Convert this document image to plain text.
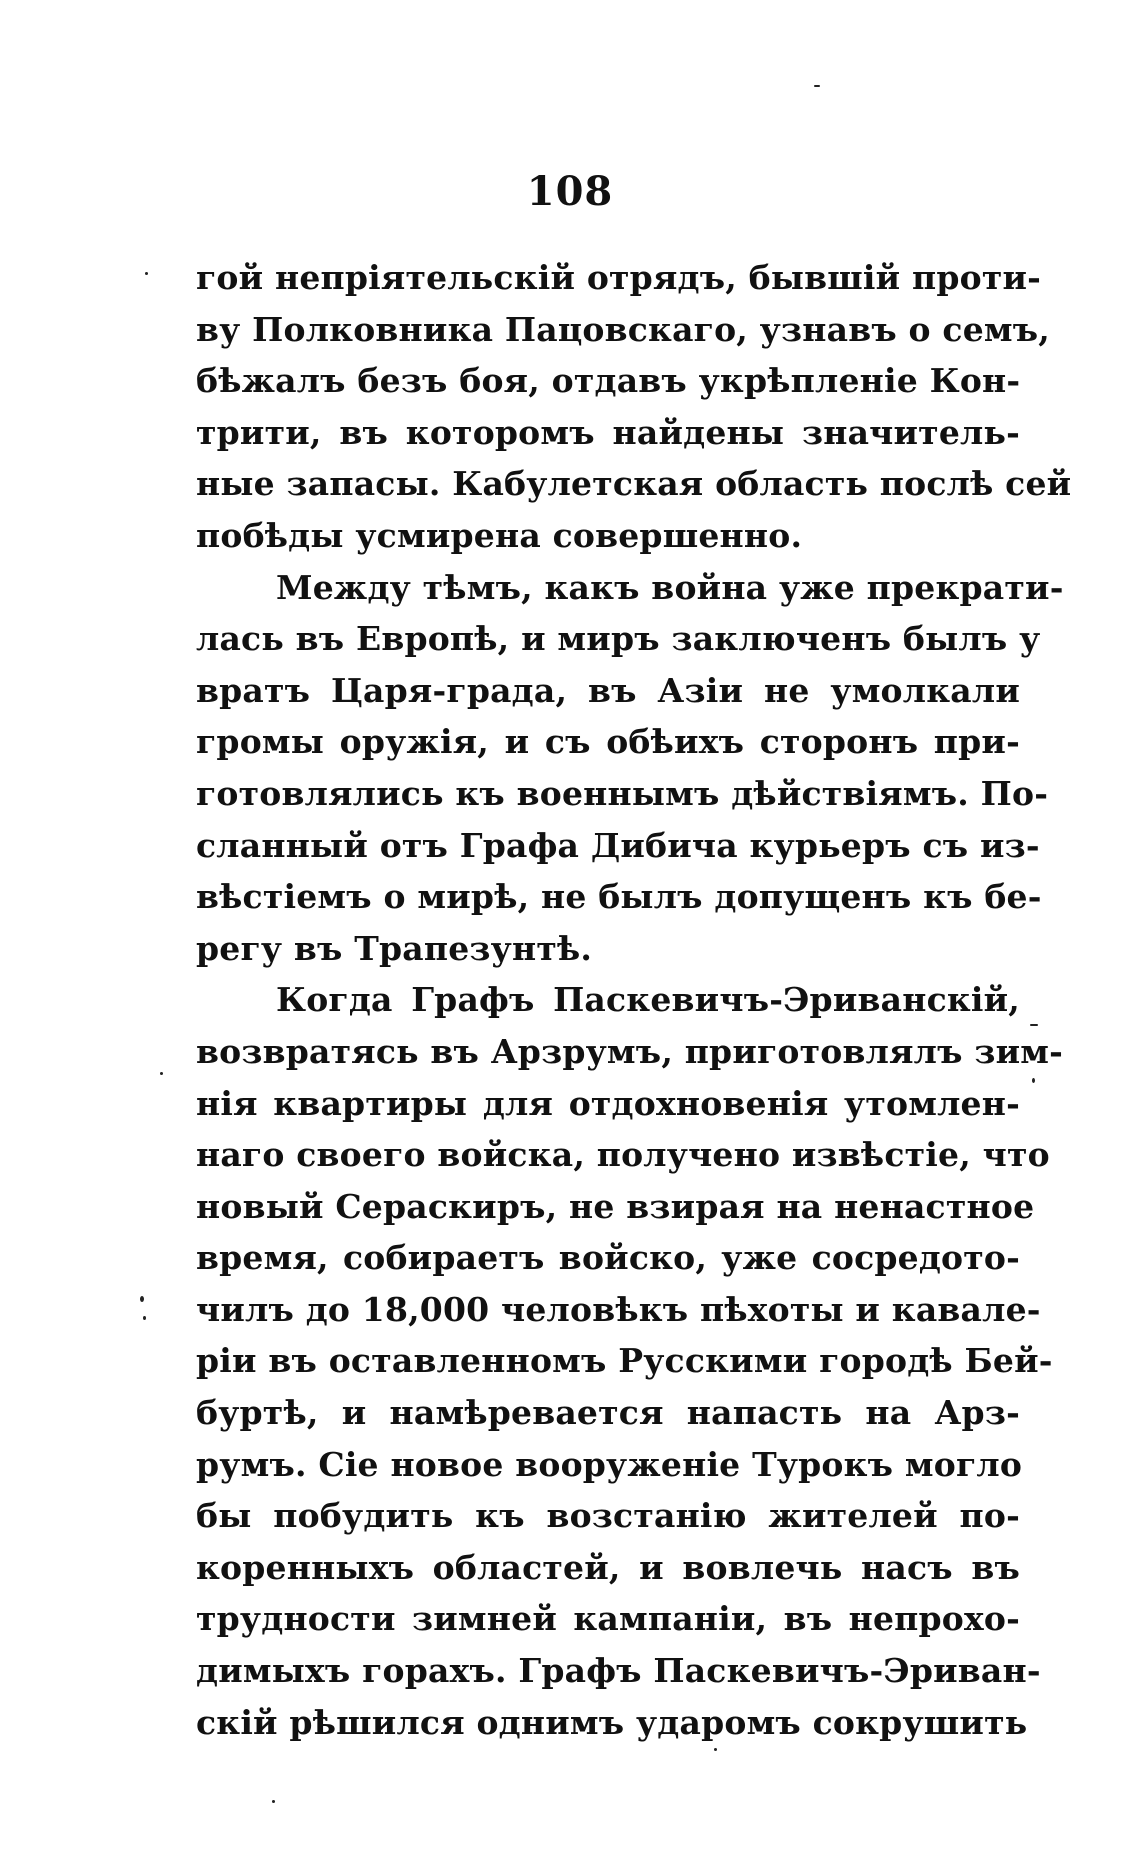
108
гой непріятельскій отрядъ, бывшій проти-
ву Полковника Пацовскаго, узнавъ о семъ,
бѣжалъ безъ боя, отдавъ укрѣпленіе Кон-
трити, въ которомъ найдены значитель-
ные запасы. Кабулетская область послѣ сей
побѣды усмирена совершенно.
Между тѣмъ, какъ война уже прекрати-
лась въ Европѣ, и миръ заключенъ былъ у
вратъ Царя-града, въ Азіи не умолкали
громы оружія, и съ обѣихъ сторонъ при-
готовлялись къ военнымъ дѣйствіямъ. По-
сланный отъ Графа Дибича курьеръ съ из-
вѣстіемъ о мирѣ, не былъ допущенъ къ бе-
регу въ Трапезунтѣ.
Когда Графъ Паскевичъ-Эриванскій,
возвратясь въ Арзрумъ, приготовлялъ зим-
нія квартиры для отдохновенія утомлен-
наго своего войска, получено извѣстіе, что
новый Сераскиръ, не взирая на ненастное
время, собираетъ войско, уже сосредото-
чилъ до 18,000 человѣкъ пѣхоты и кавале-
ріи въ оставленномъ Русскими городѣ Бей-
буртѣ, и намѣревается напасть на Арз-
румъ. Сіе новое вооруженіе Турокъ могло
бы побудить къ возстанію жителей по-
коренныхъ областей, и вовлечь насъ въ
трудности зимней кампаніи, въ непрохо-
димыхъ горахъ. Графъ Паскевичъ-Эриван-
скій рѣшился однимъ ударомъ сокрушить
